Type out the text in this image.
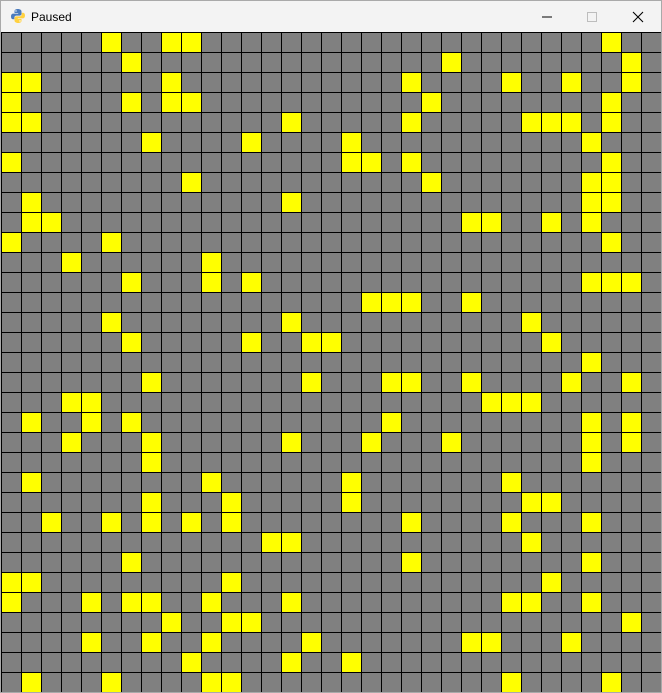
Paused
